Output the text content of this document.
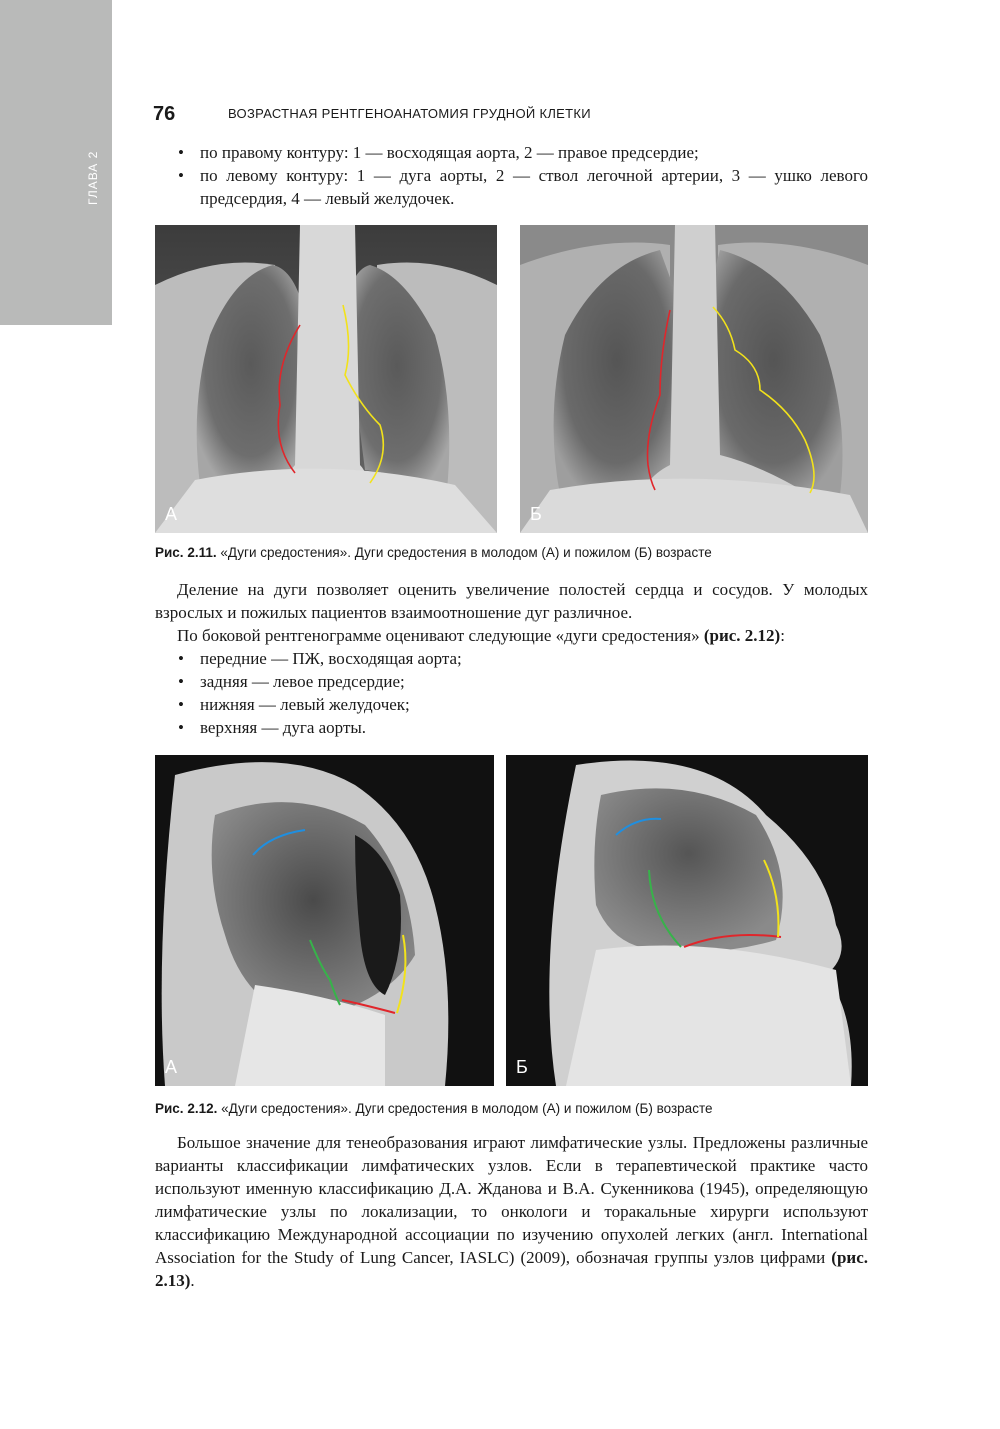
ГЛАВА 2
76	ВОЗРАСТНАЯ РЕНТГЕНОАНАТОМИЯ ГРУДНОЙ КЛЕТКИ
• по правому контуру: 1 — восходящая аорта, 2 — правое предсердие;
• по левому контуру: 1 — дуга аорты, 2 — ствол легочной артерии, 3 — ушко левого предсердия, 4 — левый желудочек.
А	Б
Рис. 2.11. «Дуги средостения». Дуги средостения в молодом (А) и пожилом (Б) возрасте

Деление на дуги позволяет оценить увеличение полостей сердца и сосудов. У молодых взрослых и пожилых пациентов взаимоотношение дуг различное.

По боковой рентгенограмме оценивают следующие «дуги средостения» (рис. 2.12):

• передние — ПЖ, восходящая аорта;
• задняя — левое предсердие;
• нижняя — левый желудочек;
• верхняя — дуга аорты.
А	Б
Рис. 2.12. «Дуги средостения». Дуги средостения в молодом (А) и пожилом (Б) возрасте

Большое значение для тенеобразования играют лимфатические узлы. Предложены различные варианты классификации лимфатических узлов. Если в терапевтической практике часто используют именную классификацию Д.А. Жданова и В.А. Сукенникова (1945), определяющую лимфатические узлы по локализации, то онкологи и торакальные хирурги используют классификацию Международной ассоциации по изучению опухолей легких (англ. International Association for the Study of Lung Cancer, IASLC) (2009), обозначая группы узлов цифрами (рис. 2.13).
